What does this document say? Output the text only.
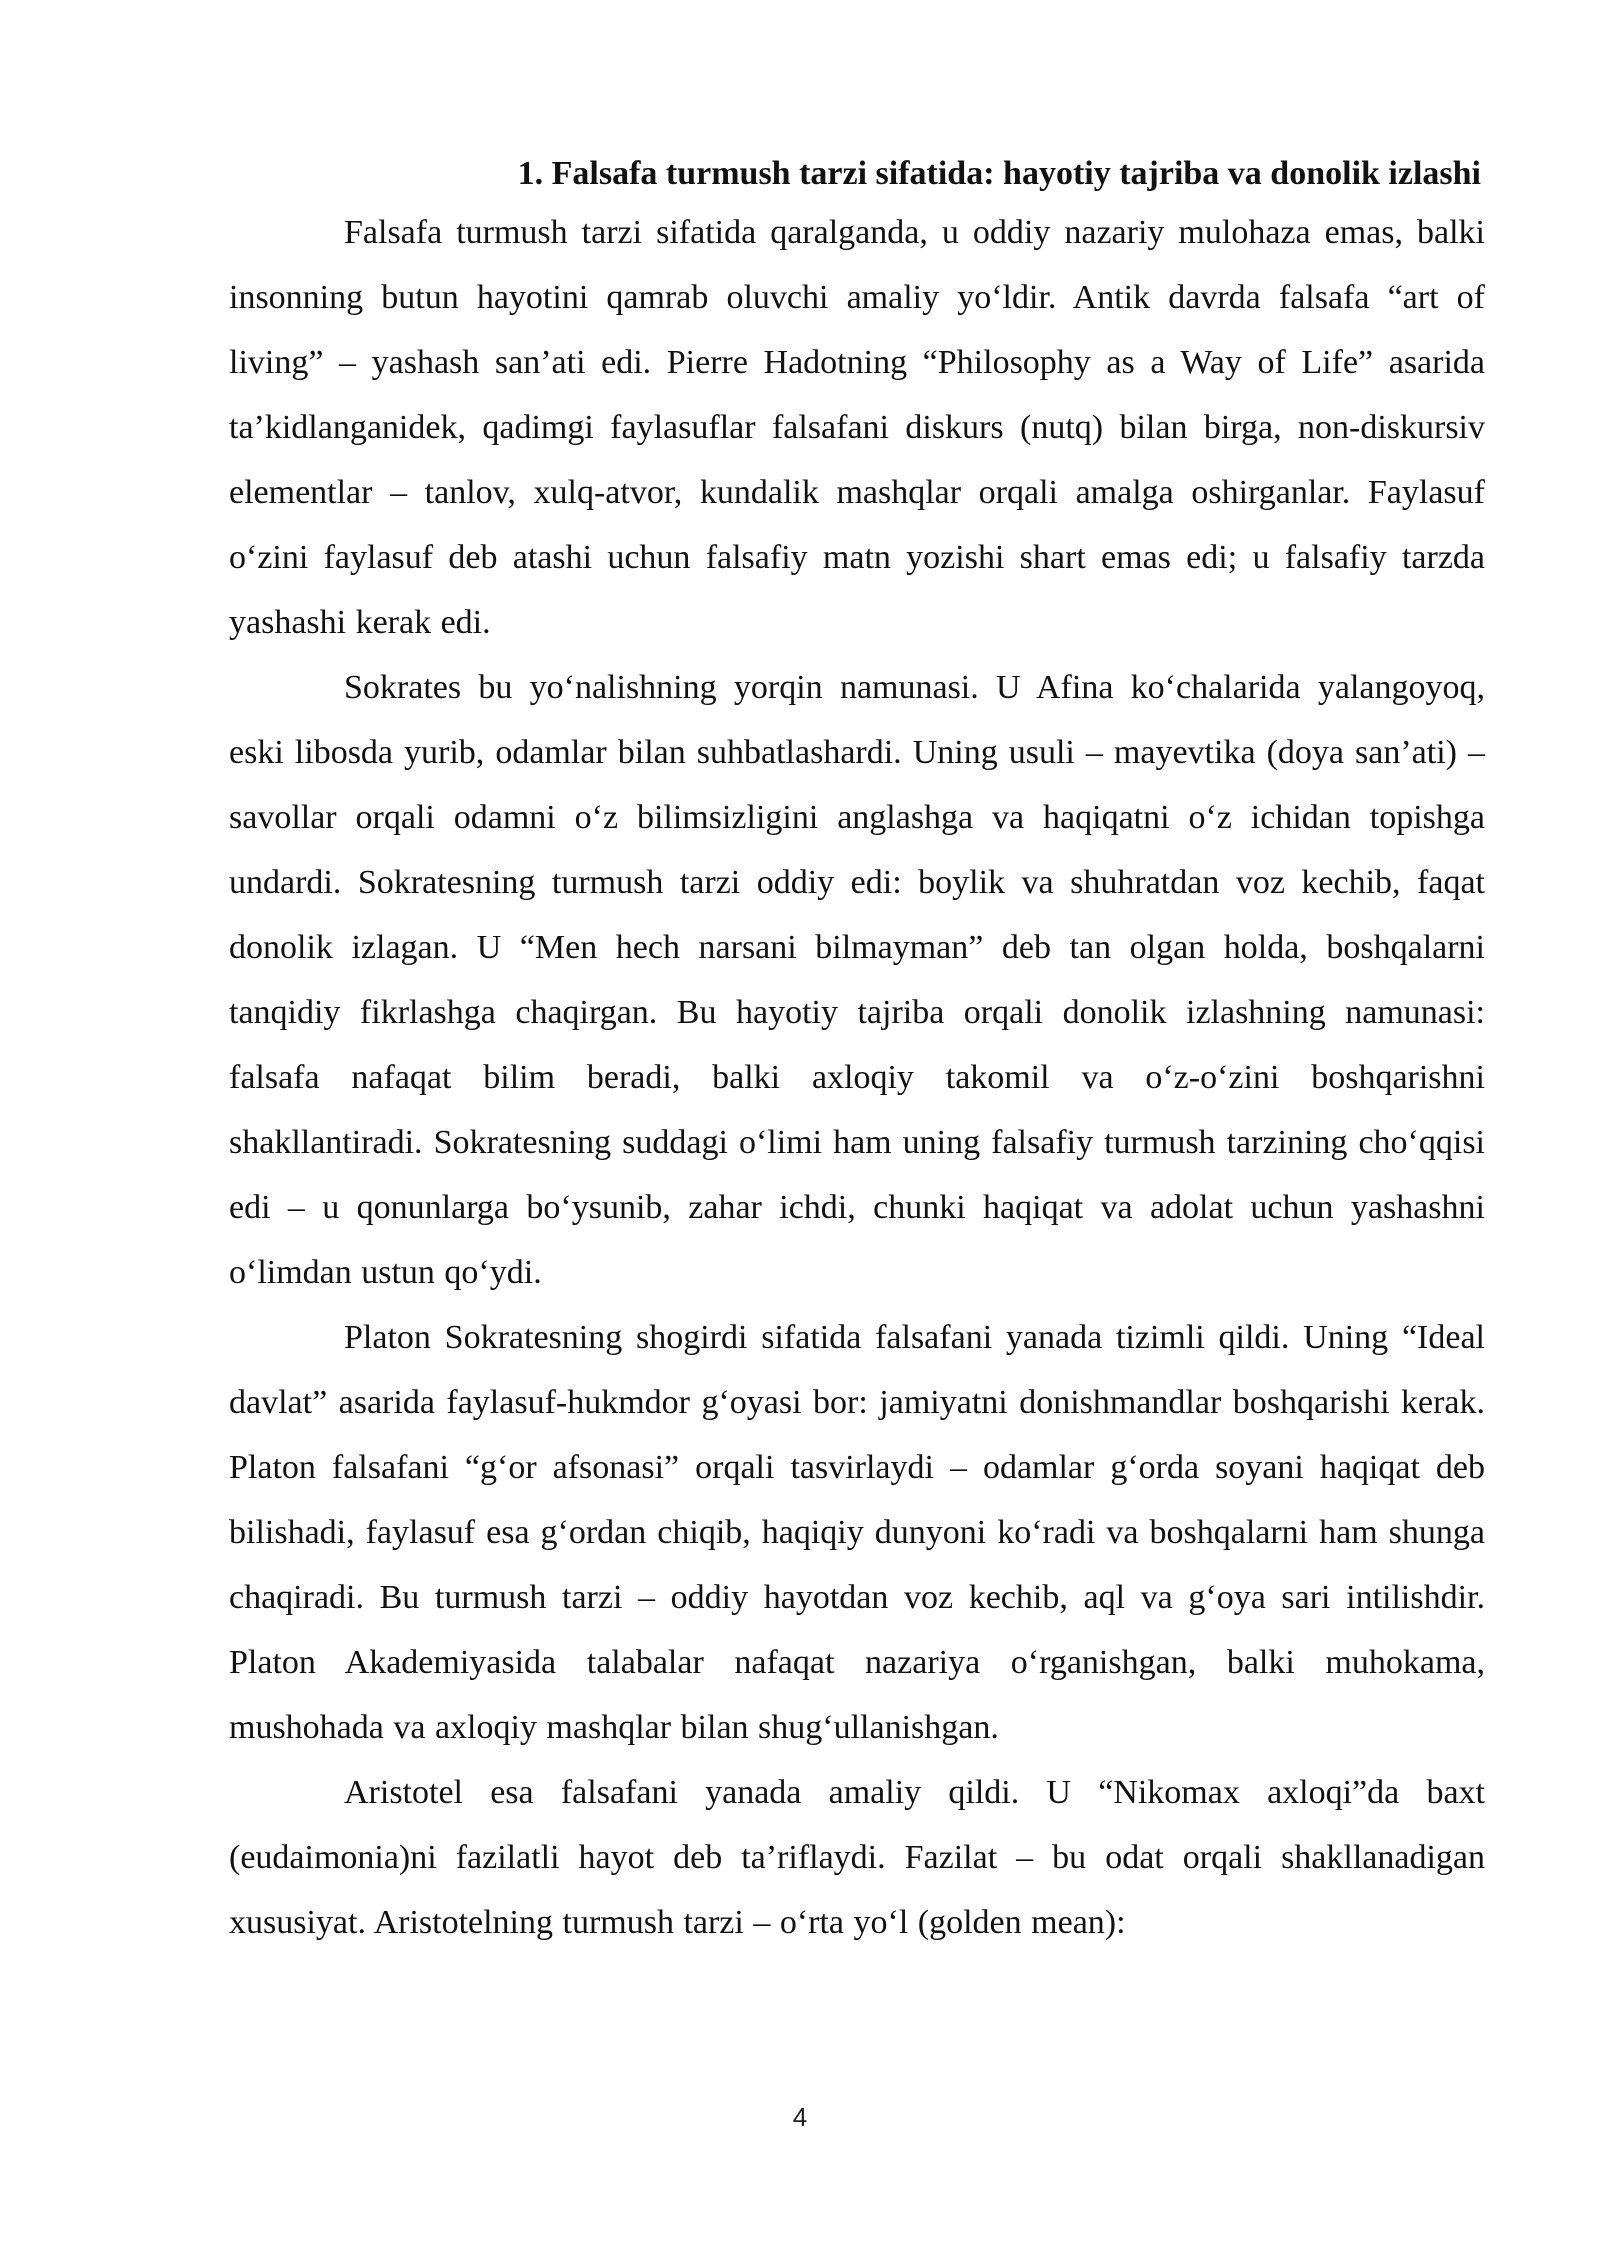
1. Falsafa turmush tarzi sifatida: hayotiy tajriba va donolik izlashi

Falsafa turmush tarzi sifatida qaralganda, u oddiy nazariy mulohaza emas, balki insonning butun hayotini qamrab oluvchi amaliy yo‘ldir. Antik davrda falsafa “art of living” – yashash san’ati edi. Pierre Hadotning “Philosophy as a Way of Life” asarida ta’kidlanganidek, qadimgi faylasuflar falsafani diskurs (nutq) bilan birga, non-diskursiv elementlar – tanlov, xulq-atvor, kundalik mashqlar orqali amalga oshirganlar. Faylasuf o‘zini faylasuf deb atashi uchun falsafiy matn yozishi shart emas edi; u falsafiy tarzda yashashi kerak edi.

Sokrates bu yo‘nalishning yorqin namunasi. U Afina ko‘chalarida yalangoyoq, eski libosda yurib, odamlar bilan suhbatlashardi. Uning usuli – mayevtika (doya san’ati) – savollar orqali odamni o‘z bilimsizligini anglashga va haqiqatni o‘z ichidan topishga undardi. Sokratesning turmush tarzi oddiy edi: boylik va shuhratdan voz kechib, faqat donolik izlagan. U “Men hech narsani bilmayman” deb tan olgan holda, boshqalarni tanqidiy fikrlashga chaqirgan. Bu hayotiy tajriba orqali donolik izlashning namunasi: falsafa nafaqat bilim beradi, balki axloqiy takomil va o‘z-o‘zini boshqarishni shakllantiradi. Sokratesning suddagi o‘limi ham uning falsafiy turmush tarzining cho‘qqisi edi – u qonunlarga bo‘ysunib, zahar ichdi, chunki haqiqat va adolat uchun yashashni o‘limdan ustun qo‘ydi.

Platon Sokratesning shogirdi sifatida falsafani yanada tizimli qildi. Uning “Ideal davlat” asarida faylasuf-hukmdor g‘oyasi bor: jamiyatni donishmandlar boshqarishi kerak. Platon falsafani “g‘or afsonasi” orqali tasvirlaydi – odamlar g‘orda soyani haqiqat deb bilishadi, faylasuf esa g‘ordan chiqib, haqiqiy dunyoni ko‘radi va boshqalarni ham shunga chaqiradi. Bu turmush tarzi – oddiy hayotdan voz kechib, aql va g‘oya sari intilishdir. Platon Akademiyasida talabalar nafaqat nazariya o‘rganishgan, balki muhokama, mushohada va axloqiy mashqlar bilan shug‘ullanishgan.

Aristotel esa falsafani yanada amaliy qildi. U “Nikomax axloqi”da baxt (eudaimonia)ni fazilatli hayot deb ta’riflaydi. Fazilat – bu odat orqali shakllanadigan xususiyat. Aristotelning turmush tarzi – o‘rta yo‘l (golden mean):

4
